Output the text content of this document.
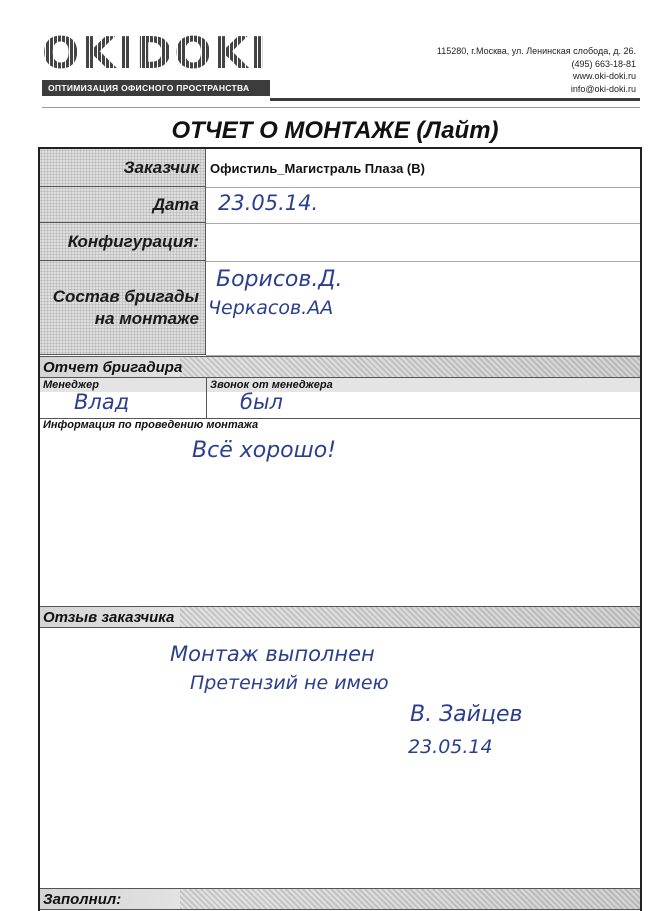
OKIDOKI
ОПТИМИЗАЦИЯ ОФИСНОГО ПРОСТРАНСТВА
115280, г.Москва, ул. Ленинская слобода, д. 26.
(495) 663-18-81
www.oki-doki.ru
info@oki-doki.ru
ОТЧЕТ О МОНТАЖЕ (Лайт)
Заказчик Офистиль_Магистраль Плаза (В)
Дата 23.05.14.
Конфигурация:
Состав бригады
на монтаже
Борисов.Д.
Черкасов.АА
Отчет бригадира
Менеджер	Звонок от менеджера
Влад	был
Информация по проведению монтажа
Всё хорошо!
Отзыв заказчика
Монтаж выполнен
Претензий не имею
В. Зайцев
23.05.14
Заполнил:
